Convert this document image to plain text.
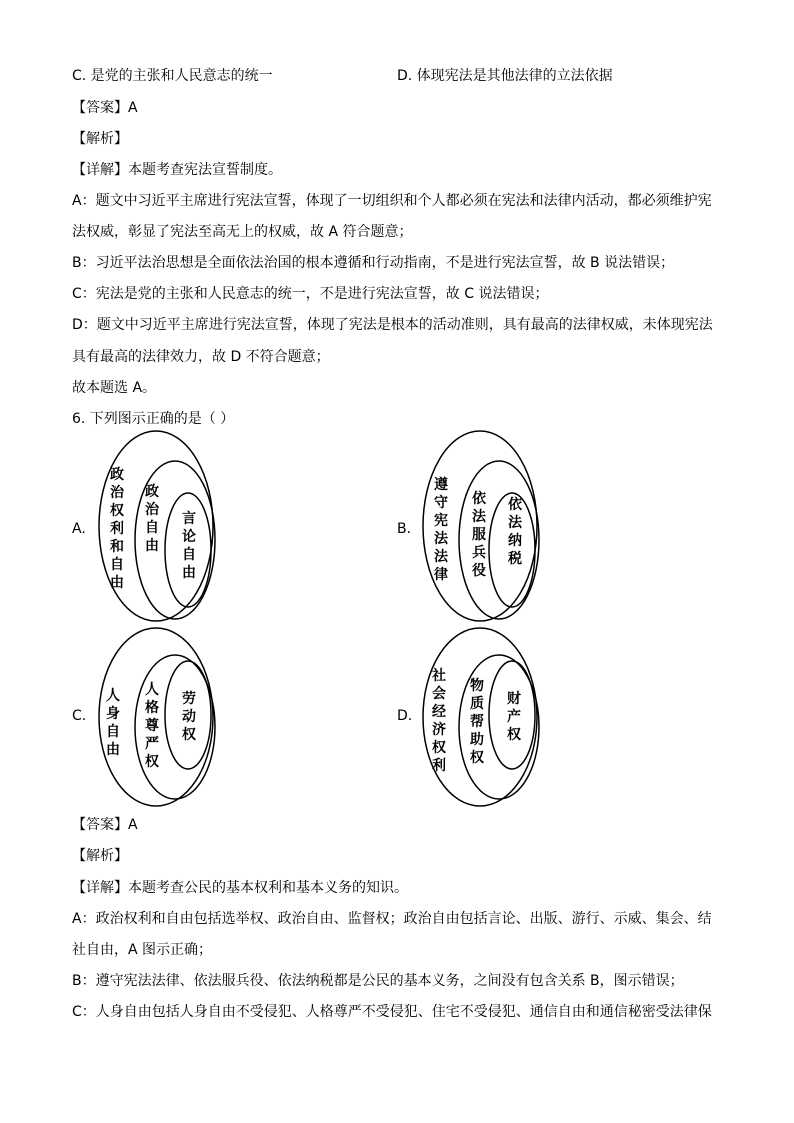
C. 是党的主张和人民意志的统一	D. 体现宪法是其他法律的立法依据
【答案】A
【解析】
【详解】本题考查宪法宣誓制度。
A：题文中习近平主席进行宪法宣誓，体现了一切组织和个人都必须在宪法和法律内活动，都必须维护宪
法权威，彰显了宪法至高无上的权威，故 A 符合题意；
B：习近平法治思想是全面依法治国的根本遵循和行动指南，不是进行宪法宣誓，故 B 说法错误；
C：宪法是党的主张和人民意志的统一，不是进行宪法宣誓，故 C 说法错误；
D：题文中习近平主席进行宪法宣誓，体现了宪法是根本的活动准则，具有最高的法律权威，未体现宪法
具有最高的法律效力，故 D 不符合题意；
故本题选 A。
6. 下列图示正确的是（ ）
A.
政治权利和自由
政治自由
言论自由
B.
遵守宪法法律
依法服兵役
依法纳税
C.
人身自由
人格尊严权
劳动权
D.
社会经济权利
物质帮助权
财产权
【答案】A
【解析】
【详解】本题考查公民的基本权利和基本义务的知识。
A：政治权利和自由包括选举权、政治自由、监督权；政治自由包括言论、出版、游行、示威、集会、结
社自由，A 图示正确；
B：遵守宪法法律、依法服兵役、依法纳税都是公民的基本义务，之间没有包含关系 B，图示错误；
C：人身自由包括人身自由不受侵犯、人格尊严不受侵犯、住宅不受侵犯、通信自由和通信秘密受法律保
